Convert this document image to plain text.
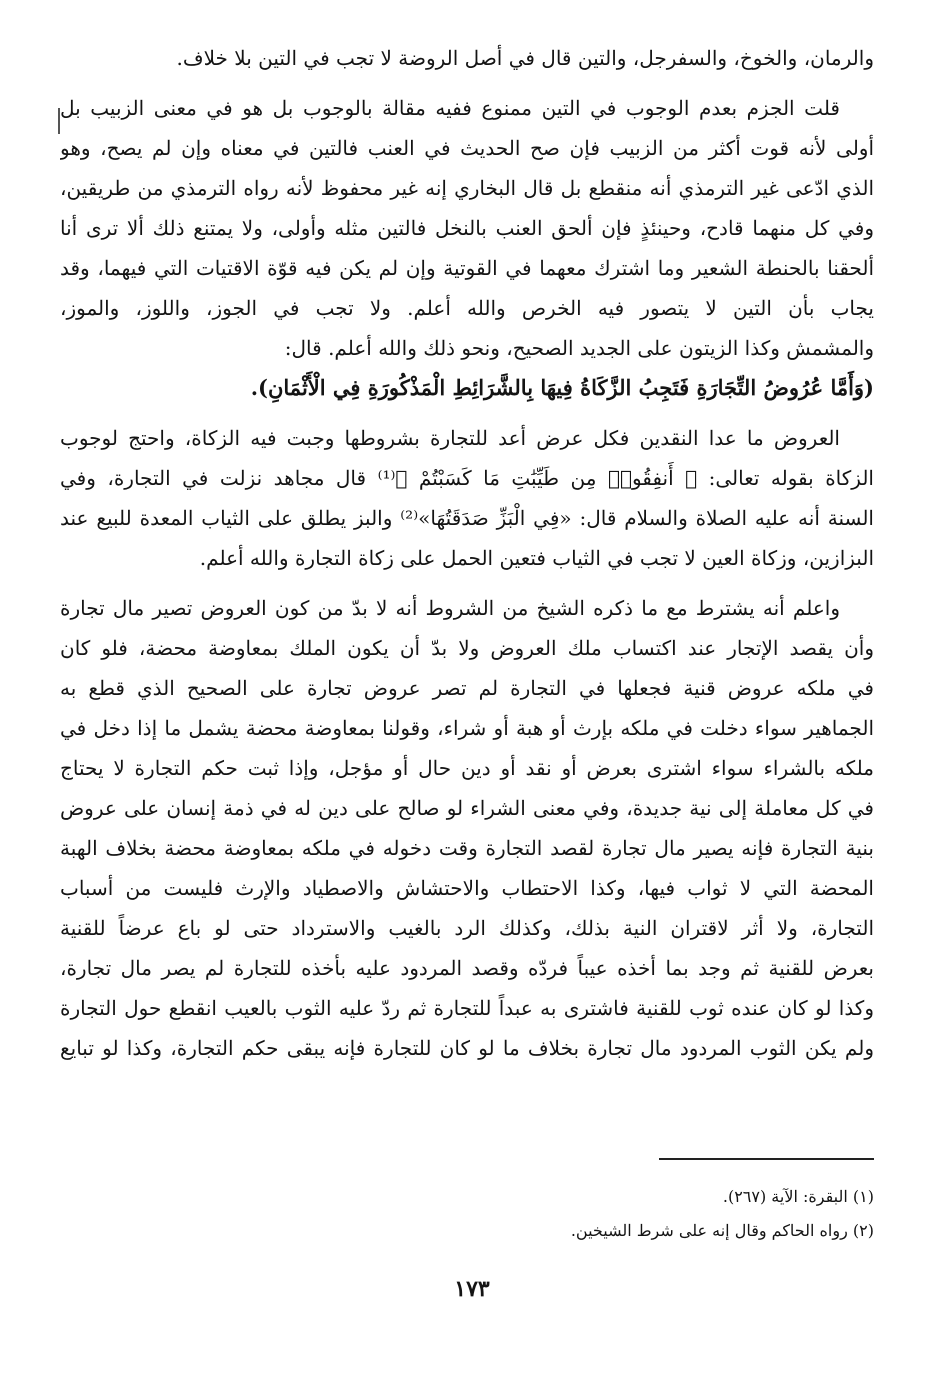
والرمان، والخوخ، والسفرجل، والتين قال في أصل الروضة لا تجب في التين بلا خلاف.
قلت الجزم بعدم الوجوب في التين ممنوع ففيه مقالة بالوجوب بل هو في معنى الزبيب بل
أولى لأنه قوت أكثر من الزبيب فإن صح الحديث في العنب فالتين في معناه وإن لم يصح، وهو
الذي ادّعى غير الترمذي أنه منقطع بل قال البخاري إنه غير محفوظ لأنه رواه الترمذي من طريقين،
وفي كل منهما قادح، وحينئذٍ فإن ألحق العنب بالنخل فالتين مثله وأولى، ولا يمتنع ذلك ألا ترى أنا
ألحقنا بالحنطة الشعير وما اشترك معهما في القوتية وإن لم يكن فيه قوّة الاقتيات التي فيهما، وقد
يجاب بأن التين لا يتصور فيه الخرص والله أعلم. ولا تجب في الجوز، واللوز، والموز،
والمشمش وكذا الزيتون على الجديد الصحيح، ونحو ذلك والله أعلم. قال:
(وَأَمَّا عُرُوضُ التِّجَارَةِ فَتَجِبُ الزَّكَاةُ فِيهَا بِالشَّرَائِطِ الْمَذْكُورَةِ فِي الْأَثْمَانِ).
العروض ما عدا النقدين فكل عرض أعد للتجارة بشروطها وجبت فيه الزكاة، واحتج لوجوب
الزكاة بقوله تعالى: ﴿ أَنفِقُوا۟ مِن طَيِّبَٰتِ مَا كَسَبْتُمْ ﴾⁽¹⁾ قال مجاهد نزلت في التجارة، وفي
السنة أنه عليه الصلاة والسلام قال: «فِي الْبَزِّ صَدَقَتُهَا»⁽²⁾ والبز يطلق على الثياب المعدة للبيع عند
البزازين، وزكاة العين لا تجب في الثياب فتعين الحمل على زكاة التجارة والله أعلم.
واعلم أنه يشترط مع ما ذكره الشيخ من الشروط أنه لا بدّ من كون العروض تصير مال تجارة
وأن يقصد الإتجار عند اكتساب ملك العروض ولا بدّ أن يكون الملك بمعاوضة محضة، فلو كان
في ملكه عروض قنية فجعلها في التجارة لم تصر عروض تجارة على الصحيح الذي قطع به
الجماهير سواء دخلت في ملكه بإرث أو هبة أو شراء، وقولنا بمعاوضة محضة يشمل ما إذا دخل في
ملكه بالشراء سواء اشترى بعرض أو نقد أو دين حال أو مؤجل، وإذا ثبت حكم التجارة لا يحتاج
في كل معاملة إلى نية جديدة، وفي معنى الشراء لو صالح على دين له في ذمة إنسان على عروض
بنية التجارة فإنه يصير مال تجارة لقصد التجارة وقت دخوله في ملكه بمعاوضة محضة بخلاف الهبة
المحضة التي لا ثواب فيها، وكذا الاحتطاب والاحتشاش والاصطياد والإرث فليست من أسباب
التجارة، ولا أثر لاقتران النية بذلك، وكذلك الرد بالغيب والاسترداد حتى لو باع عرضاً للقنية
بعرض للقنية ثم وجد بما أخذه عيباً فردّه وقصد المردود عليه بأخذه للتجارة لم يصر مال تجارة،
وكذا لو كان عنده ثوب للقنية فاشترى به عبداً للتجارة ثم ردّ عليه الثوب بالعيب انقطع حول التجارة
ولم يكن الثوب المردود مال تجارة بخلاف ما لو كان للتجارة فإنه يبقى حكم التجارة، وكذا لو تبايع
(١) البقرة: الآية (٢٦٧).
(٢) رواه الحاكم وقال إنه على شرط الشيخين.
١٧٣
